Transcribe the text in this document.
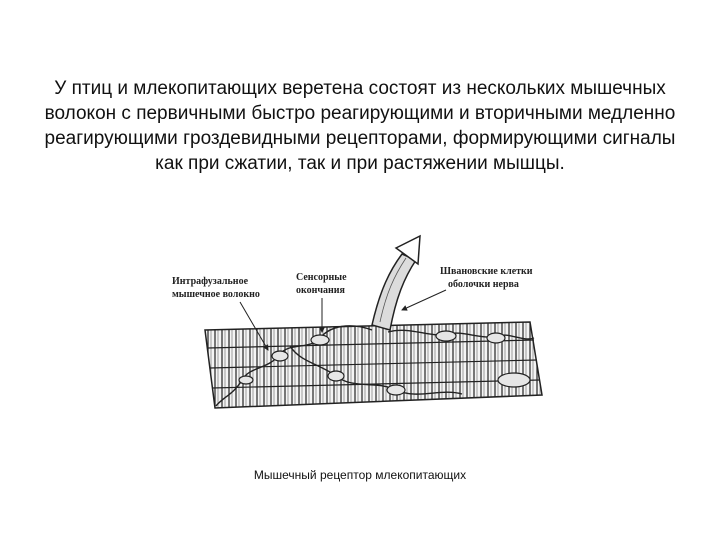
У птиц и млекопитающих веретена состоят из нескольких мышечных волокон с первичными быстро реагирующими и вторичными медленно реагирующими гроздевидными рецепторами, формирующими сигналы как при сжатии, так и при растяжении мышцы.
Интрафузальное
мышечное волокно
Сенсорные
окончания
Швановские клетки
оболочки нерва
Мышечный рецептор млекопитающих
